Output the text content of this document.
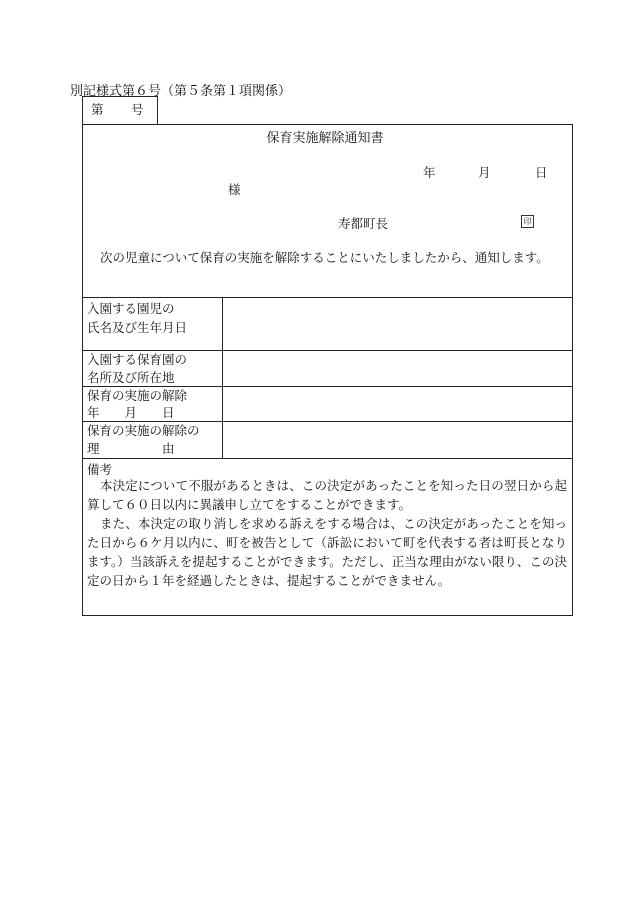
別記様式第６号（第５条第１項関係）
第 号
保育実施解除通知書
年	月	日
様
寿都町長	印
次の児童について保育の実施を解除することにいたしましたから、通知します。
入園する園児の
氏名及び生年月日
入園する保育園の
名所及び所在地
保育の実施の解除
年　　月　　日
保育の実施の解除の
理　　　　　由
備考
本決定について不服があるときは、この決定があったことを知った日の翌日から起算して６０日以内に異議申し立てをすることができます。
また、本決定の取り消しを求める訴えをする場合は、この決定があったことを知った日から６ケ月以内に、町を被告として（訴訟において町を代表する者は町長となります。）当該訴えを提起することができます。ただし、正当な理由がない限り、この決定の日から１年を経過したときは、提起することができません。
